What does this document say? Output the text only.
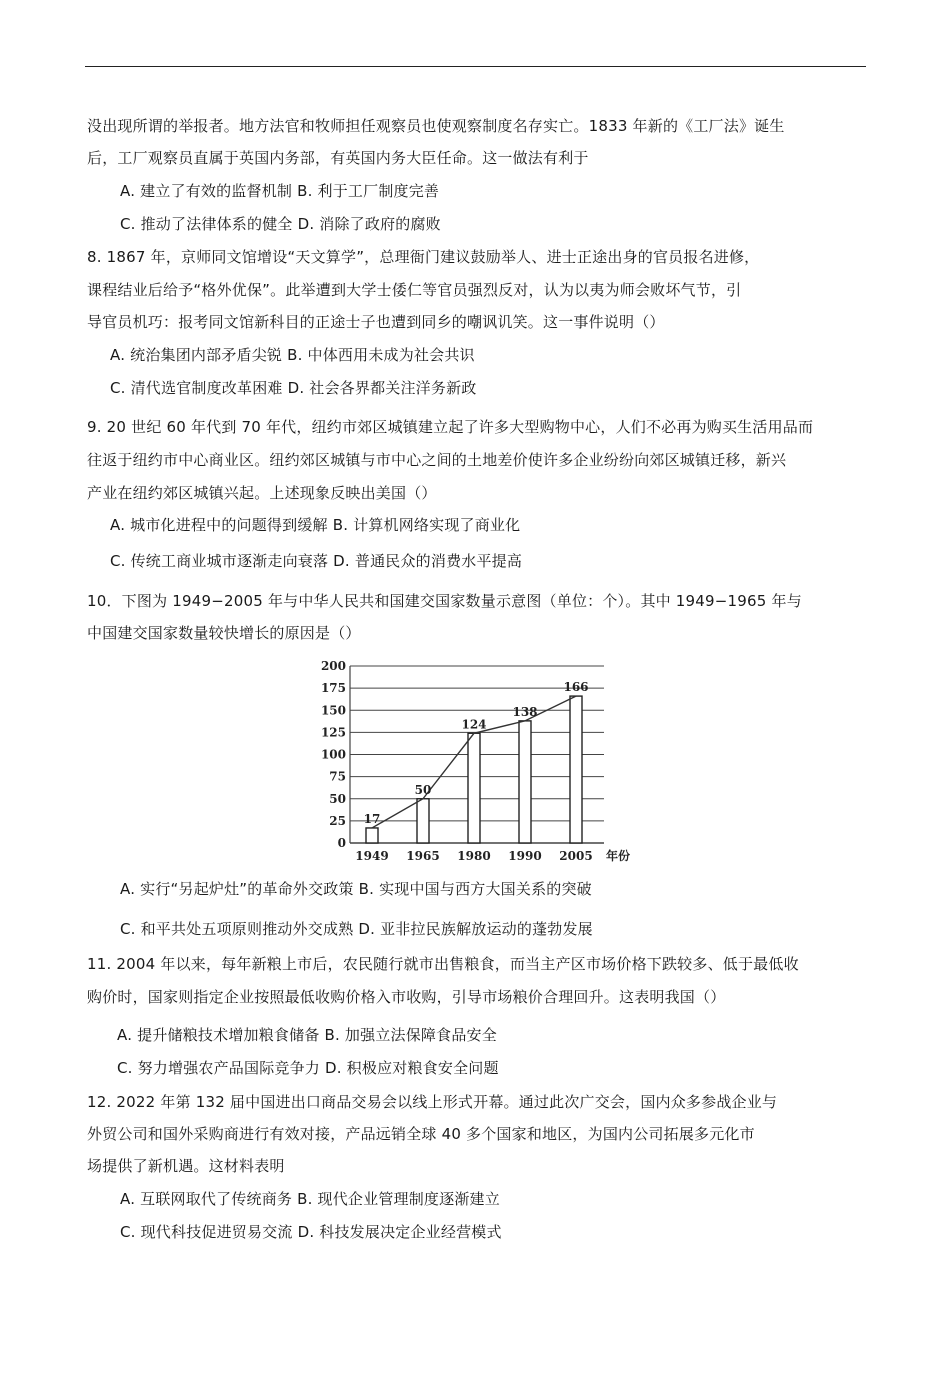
没出现所谓的举报者。地方法官和牧师担任观察员也使观察制度名存实亡。1833 年新的《工厂法》诞生
后，工厂观察员直属于英国内务部，有英国内务大臣任命。这一做法有利于
A. 建立了有效的监督机制 B. 利于工厂制度完善
C. 推动了法律体系的健全 D. 消除了政府的腐败
8. 1867 年，京师同文馆增设“天文算学”，总理衙门建议鼓励举人、进士正途出身的官员报名进修，
课程结业后给予“格外优保”。此举遭到大学士倭仁等官员强烈反对，认为以夷为师会败坏气节，引
导官员机巧：报考同文馆新科目的正途士子也遭到同乡的嘲讽讥笑。这一事件说明（）
A. 统治集团内部矛盾尖锐 B. 中体西用未成为社会共识
C. 清代选官制度改革困难 D. 社会各界都关注洋务新政
9. 20 世纪 60 年代到 70 年代，纽约市郊区城镇建立起了许多大型购物中心，人们不必再为购买生活用品而
往返于纽约市中心商业区。纽约郊区城镇与市中心之间的土地差价使许多企业纷纷向郊区城镇迁移，新兴
产业在纽约郊区城镇兴起。上述现象反映出美国（）
A. 城市化进程中的问题得到缓解 B. 计算机网络实现了商业化
C. 传统工商业城市逐渐走向衰落 D. 普通民众的消费水平提高
10．下图为 1949−2005 年与中华人民共和国建交国家数量示意图（单位：个）。其中 1949−1965 年与
中国建交国家数量较快增长的原因是（）
0
25
50
75
100
125
150
175
200
17
1949
50
1965
124
1980
138
1990
166
2005 年份
A. 实行“另起炉灶”的革命外交政策 B. 实现中国与西方大国关系的突破
C. 和平共处五项原则推动外交成熟 D. 亚非拉民族解放运动的蓬勃发展
11. 2004 年以来，每年新粮上市后，农民随行就市出售粮食，而当主产区市场价格下跌较多、低于最低收
购价时，国家则指定企业按照最低收购价格入市收购，引导市场粮价合理回升。这表明我国（）
A. 提升储粮技术增加粮食储备 B. 加强立法保障食品安全
C. 努力增强农产品国际竞争力 D. 积极应对粮食安全问题
12. 2022 年第 132 届中国进出口商品交易会以线上形式开幕。通过此次广交会，国内众多参战企业与
外贸公司和国外采购商进行有效对接，产品远销全球 40 多个国家和地区，为国内公司拓展多元化市
场提供了新机遇。这材料表明
A. 互联网取代了传统商务 B. 现代企业管理制度逐渐建立
C. 现代科技促进贸易交流 D. 科技发展决定企业经营模式
